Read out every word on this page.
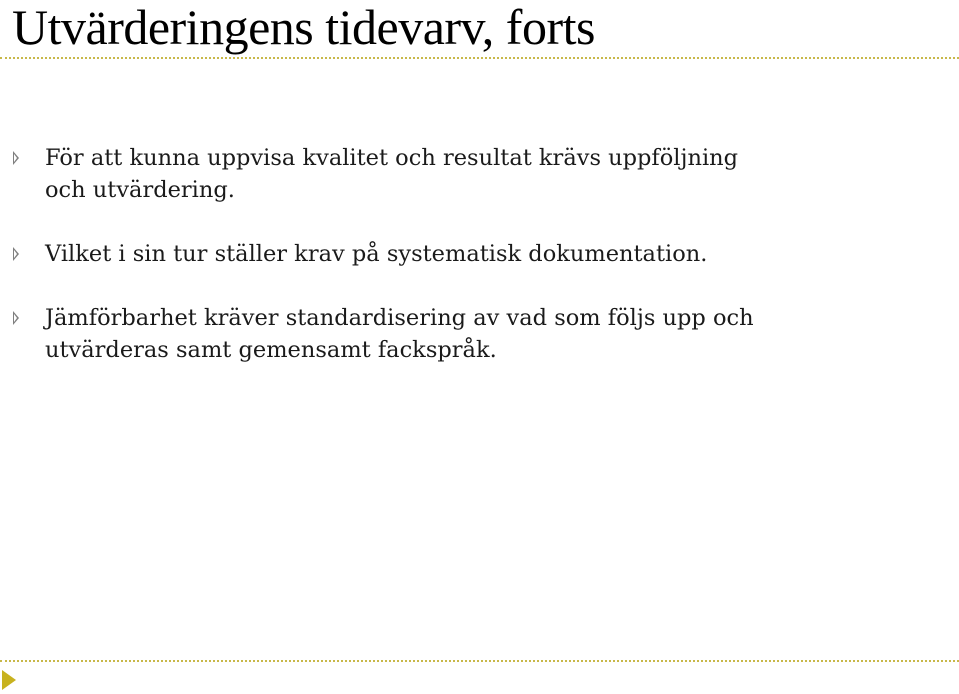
Utvärderingens tidevarv, forts
För att kunna uppvisa kvalitet och resultat krävs uppföljning
och utvärdering.
Vilket i sin tur ställer krav på systematisk dokumentation.
Jämförbarhet kräver standardisering av vad som följs upp och
utvärderas samt gemensamt fackspråk.
